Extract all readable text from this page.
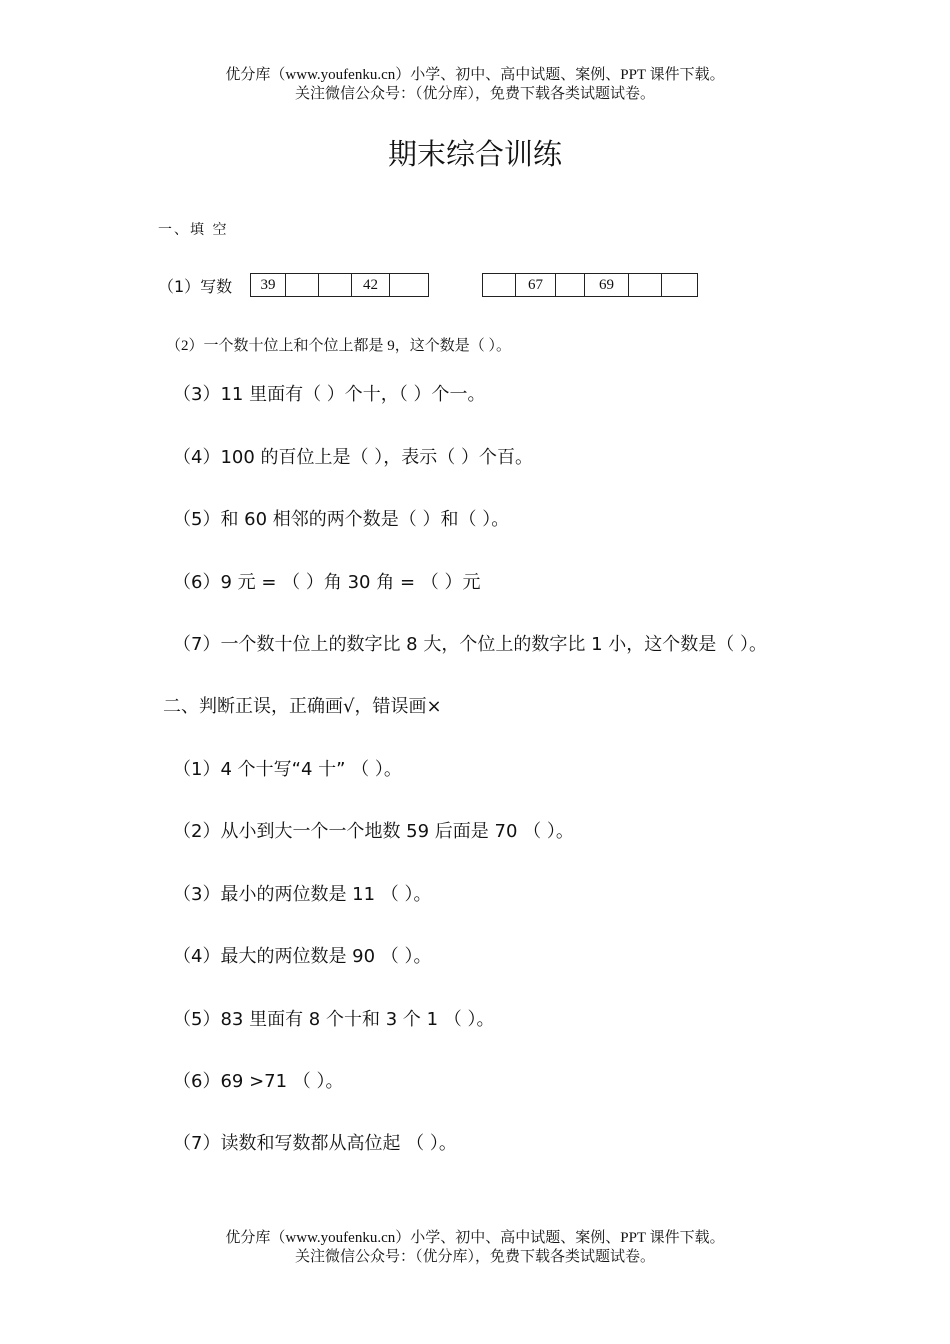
优分库（www.youfenku.cn）小学、初中、高中试题、案例、PPT 课件下载。
关注微信公众号：（优分库），免费下载各类试题试卷。
期末综合训练
一、填 空
（1）写数	39	42	67	69
（2）一个数十位上和个位上都是 9，这个数是（ ）。
（3）11 里面有（ ）个十，（ ）个一。
（4）100 的百位上是（ ），表示（ ）个百。
（5）和 60 相邻的两个数是（ ）和（ ）。
（6）9 元 = （ ）角 30 角 = （ ）元
（7）一个数十位上的数字比 8 大，个位上的数字比 1 小，这个数是（ ）。
二、判断正误，正确画√，错误画×
（1）4 个十写“4 十” （ ）。
（2）从小到大一个一个地数 59 后面是 70 （ ）。
（3）最小的两位数是 11 （ ）。
（4）最大的两位数是 90 （ ）。
（5）83 里面有 8 个十和 3 个 1 （ ）。
（6）69 >71 （ ）。
（7）读数和写数都从高位起 （ ）。
优分库（www.youfenku.cn）小学、初中、高中试题、案例、PPT 课件下载。
关注微信公众号：（优分库），免费下载各类试题试卷。
